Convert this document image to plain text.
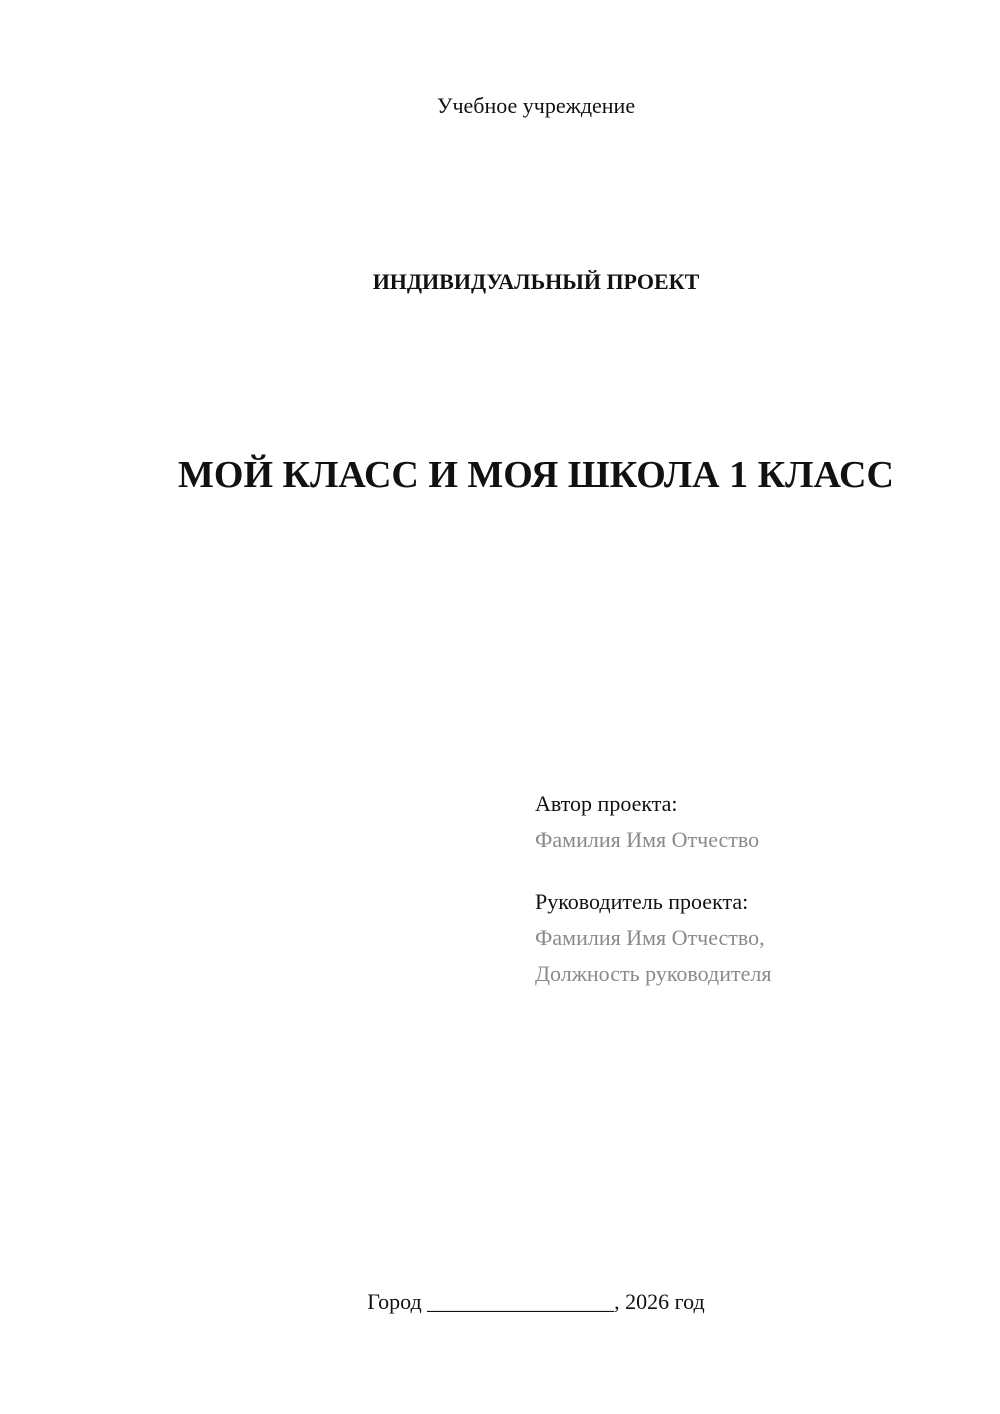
Учебное учреждение
ИНДИВИДУАЛЬНЫЙ ПРОЕКТ
МОЙ КЛАСС И МОЯ ШКОЛА 1 КЛАСС
Автор проекта:
Фамилия Имя Отчество
Руководитель проекта:
Фамилия Имя Отчество,
Должность руководителя
Город _________________, 2026 год
